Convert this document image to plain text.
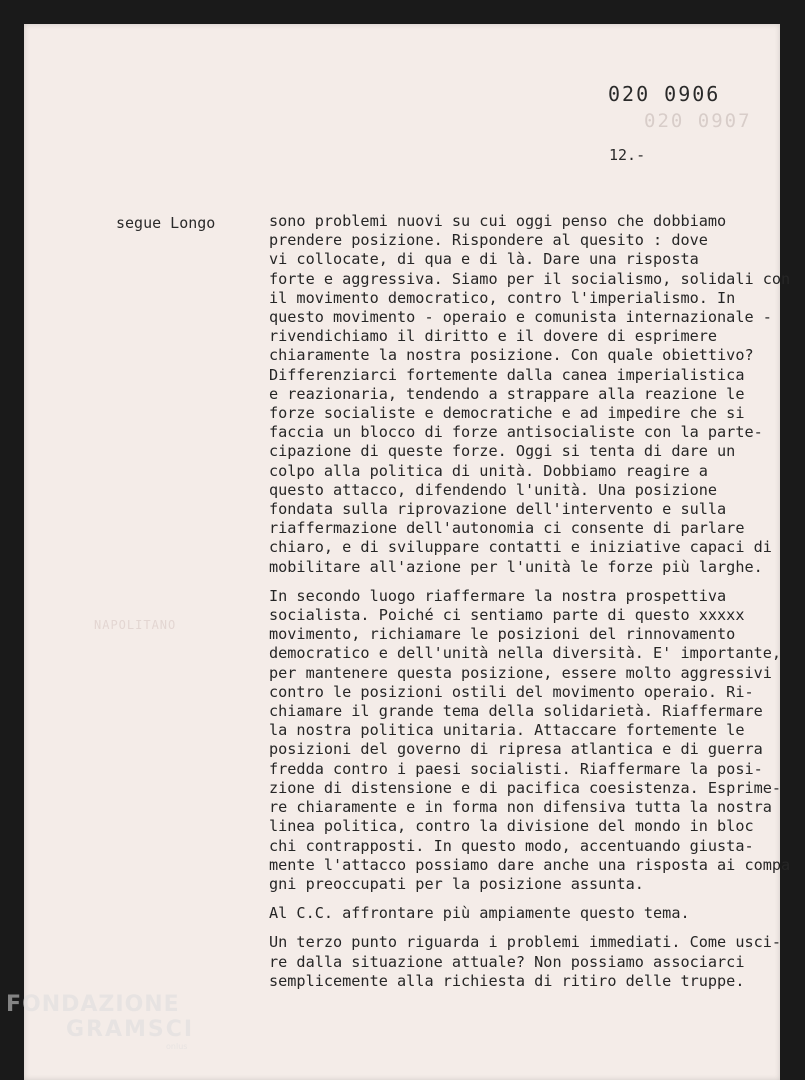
020 0907
020 0906
12.-
NAPOLITANO
segue Longo	sono problemi nuovi su cui oggi penso che dobbiamo
prendere posizione. Rispondere al quesito : dove
vi collocate, di qua e di là. Dare una risposta
forte e aggressiva. Siamo per il socialismo, solidali con
il movimento democratico, contro l'imperialismo. In
questo movimento - operaio e comunista internazionale -
rivendichiamo il diritto e il dovere di esprimere
chiaramente la nostra posizione. Con quale obiettivo?
Differenziarci fortemente dalla canea imperialistica
e reazionaria, tendendo a strappare alla reazione le
forze socialiste e democratiche e ad impedire che si
faccia un blocco di forze antisocialiste con la parte-
cipazione di queste forze. Oggi si tenta di dare un
colpo alla politica di unità. Dobbiamo reagire a
questo attacco, difendendo l'unità. Una posizione
fondata sulla riprovazione dell'intervento e sulla
riaffermazione dell'autonomia ci consente di parlare
chiaro, e di sviluppare contatti e iniziative capaci di
mobilitare all'azione per l'unità le forze più larghe.
In secondo luogo riaffermare la nostra prospettiva
socialista. Poiché ci sentiamo parte di questo xxxxx
movimento, richiamare le posizioni del rinnovamento
democratico e dell'unità nella diversità. E' importante,
per mantenere questa posizione, essere molto aggressivi
contro le posizioni ostili del movimento operaio. Ri-
chiamare il grande tema della solidarietà. Riaffermare
la nostra politica unitaria. Attaccare fortemente le
posizioni del governo di ripresa atlantica e di guerra
fredda contro i paesi socialisti. Riaffermare la posi-
zione di distensione e di pacifica coesistenza. Esprime-
re chiaramente e in forma non difensiva tutta la nostra
linea politica, contro la divisione del mondo in bloc
chi contrapposti. In questo modo, accentuando giusta-
mente l'attacco possiamo dare anche una risposta ai compa
gni preoccupati per la posizione assunta.
Al C.C. affrontare più ampiamente questo tema.
Un terzo punto riguarda i problemi immediati. Come usci-
re dalla situazione attuale? Non possiamo associarci
semplicemente alla richiesta di ritiro delle truppe.
FONDAZIONE
GRAMSCI
onlus
